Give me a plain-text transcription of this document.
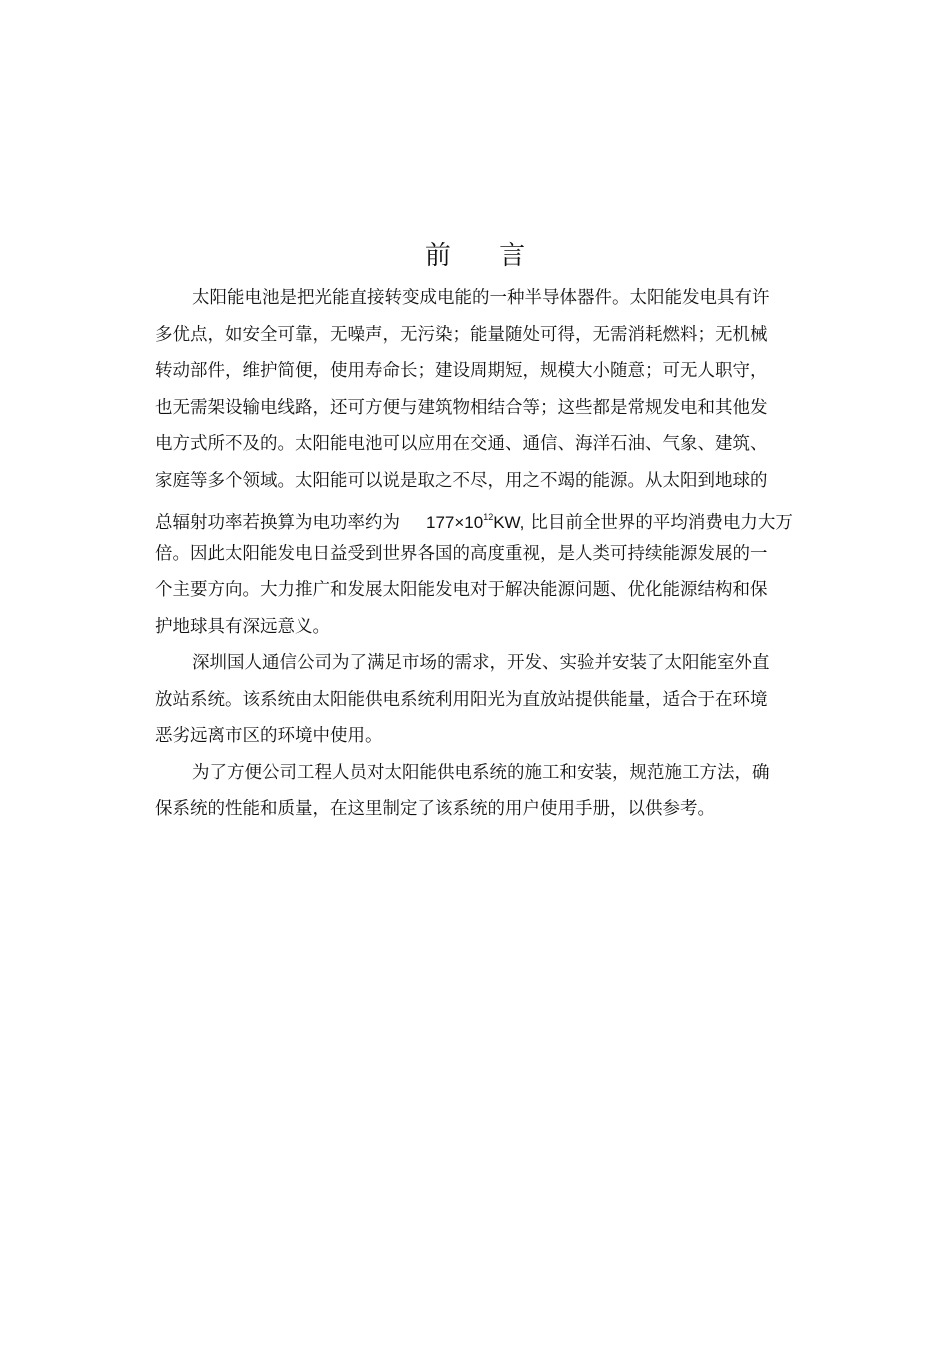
前 言
太阳能电池是把光能直接转变成电能的一种半导体器件。太阳能发电具有许
多优点，如安全可靠，无噪声，无污染；能量随处可得，无需消耗燃料；无机械
转动部件，维护简便，使用寿命长；建设周期短，规模大小随意；可无人职守，
也无需架设输电线路，还可方便与建筑物相结合等；这些都是常规发电和其他发
电方式所不及的。太阳能电池可以应用在交通、通信、海洋石油、气象、建筑、
家庭等多个领域。太阳能可以说是取之不尽，用之不竭的能源。从太阳到地球的
总辐射功率若换算为电功率约为 $177\times 10^{12}KW$, 比目前全世界的平均消费电力大万
倍。因此太阳能发电日益受到世界各国的高度重视，是人类可持续能源发展的一
个主要方向。大力推广和发展太阳能发电对于解决能源问题、优化能源结构和保
护地球具有深远意义。
深圳国人通信公司为了满足市场的需求，开发、实验并安装了太阳能室外直
放站系统。该系统由太阳能供电系统利用阳光为直放站提供能量，适合于在环境
恶劣远离市区的环境中使用。
为了方便公司工程人员对太阳能供电系统的施工和安装，规范施工方法，确
保系统的性能和质量，在这里制定了该系统的用户使用手册，以供参考。
